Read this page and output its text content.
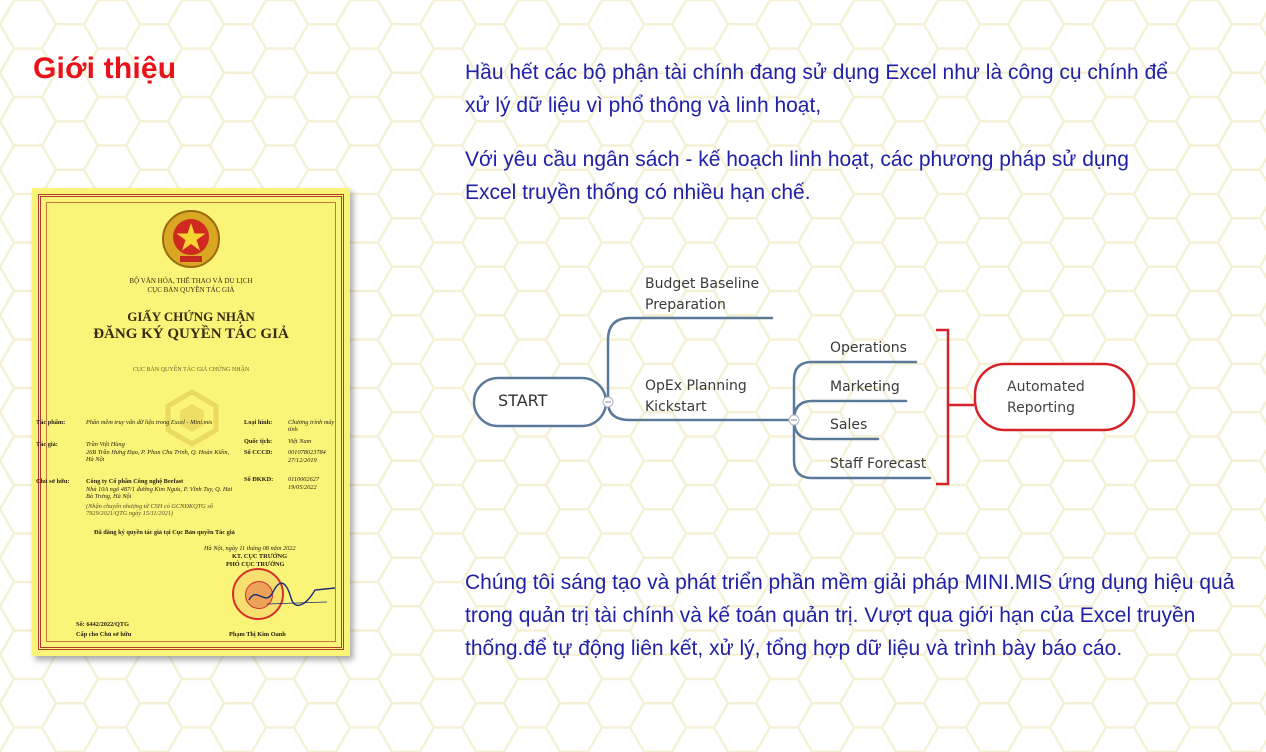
Giới thiệu	Hầu hết các bộ phận tài chính đang sử dụng Excel như là công cụ chính để xử lý dữ liệu vì phổ thông và linh hoạt,

Với yêu cầu ngân sách - kế hoạch linh hoạt, các phương pháp sử dụng Excel truyền thống có nhiều hạn chế.

Chúng tôi sáng tạo và phát triển phần mềm giải pháp MINI.MIS ứng dụng hiệu quả trong quản trị tài chính và kế toán quản trị. Vượt qua giới hạn của Excel truyền thống.để tự động liên kết, xử lý, tổng hợp dữ liệu và trình bày báo cáo.

BỘ VĂN HÓA, THỂ THAO VÀ DU LỊCH
CỤC BẢN QUYỀN TÁC GIẢ
GIẤY CHỨNG NHẬN
ĐĂNG KÝ QUYỀN TÁC GIẢ
CỤC BẢN QUYỀN TÁC GIẢ CHỨNG NHẬN
Tác phẩm:	Phần mềm truy vấn dữ liệu trong Excel - Mini.mis	Loại hình:	Chương trình máy tính
Tác giả:	Trần Việt Hùng
26B Trần Hưng Đạo, P. Phan Chu Trinh, Q. Hoàn Kiếm, Hà Nội
Quốc tịch:	Việt Nam
Số CCCD: 001078023784
27/12/2019
Chủ sở hữu:	Công ty Cổ phần Công nghệ Beefast
Nhà 10A ngõ 487/1 đường Kim Ngưu, P. Vĩnh Tuy, Q. Hai Bà Trưng, Hà Nội
(Nhận chuyển nhượng từ CSH có GCNĐKQTG số 7929/2021/QTG ngày 15/11/2021)
Số ĐKKD: 0110002627
19/05/2022
Đã đăng ký quyền tác giả tại Cục Bản quyền Tác giả
Hà Nội, ngày 11 tháng 08 năm 2022
KT. CỤC TRƯỞNG
PHÓ CỤC TRƯỞNG
Số: 6442/2022/QTG
Cấp cho Chủ sở hữu	Phạm Thị Kim Oanh
START
Budget Baseline
Preparation
OpEx Planning
Kickstart
Operations
Marketing
Sales
Staff Forecast
Automated
Reporting
